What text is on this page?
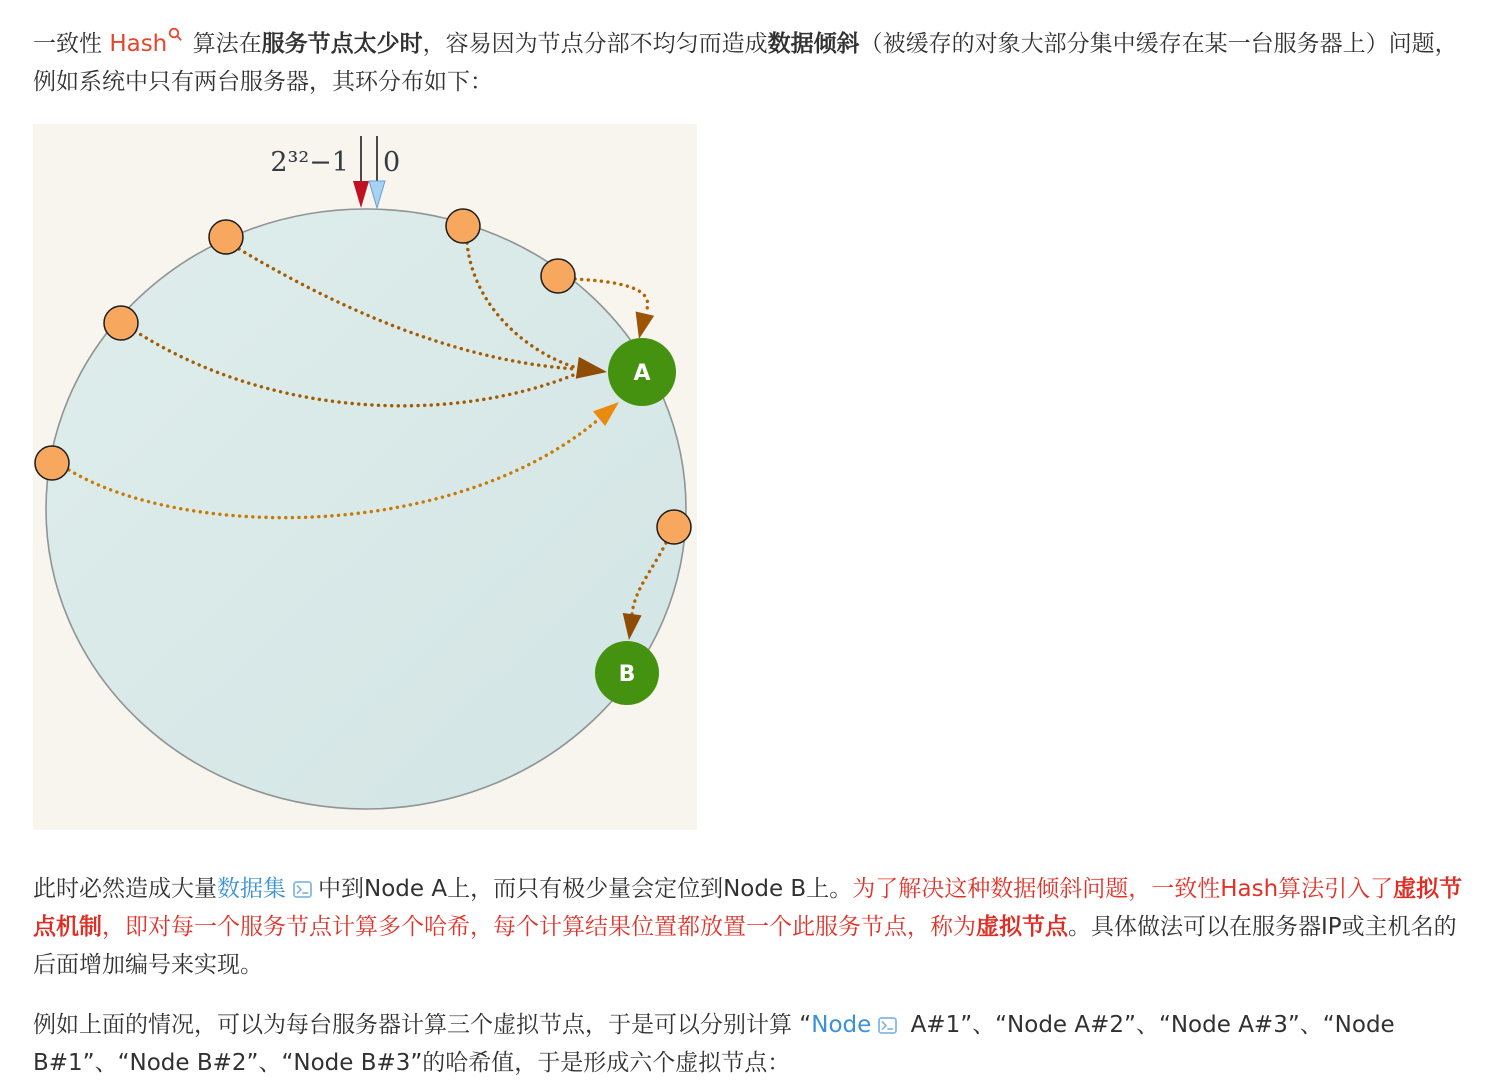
一致性 Hash 算法在服务节点太少时，容易因为节点分部不均匀而造成数据倾斜（被缓存的对象大部分集中缓存在某一台服务器上）问题，例如系统中只有两台服务器，其环分布如下：

2³²−1 0
A
B

此时必然造成大量数据集 中到Node A上，而只有极少量会定位到Node B上。为了解决这种数据倾斜问题，一致性Hash算法引入了虚拟节点机制，即对每一个服务节点计算多个哈希，每个计算结果位置都放置一个此服务节点，称为虚拟节点。具体做法可以在服务器IP或主机名的后面增加编号来实现。

例如上面的情况，可以为每台服务器计算三个虚拟节点，于是可以分别计算 “Node A#1”、“Node A#2”、“Node A#3”、“Node B#1”、“Node B#2”、“Node B#3”的哈希值，于是形成六个虚拟节点：
